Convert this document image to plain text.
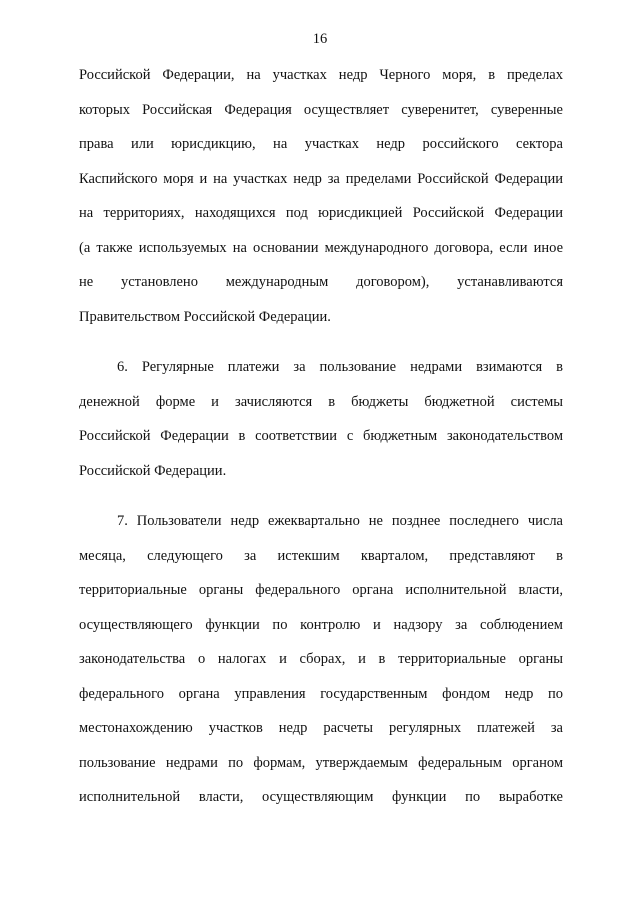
16
Российской Федерации, на участках недр Черного моря, в пределах
которых Российская Федерация осуществляет суверенитет, суверенные
права или юрисдикцию, на участках недр российского сектора
Каспийского моря и на участках недр за пределами Российской Федерации
на территориях, находящихся под юрисдикцией Российской Федерации
(а также используемых на основании международного договора, если иное
не установлено международным договором), устанавливаются
Правительством Российской Федерации.
6. Регулярные платежи за пользование недрами взимаются в
денежной форме и зачисляются в бюджеты бюджетной системы
Российской Федерации в соответствии с бюджетным законодательством
Российской Федерации.
7. Пользователи недр ежеквартально не позднее последнего числа
месяца, следующего за истекшим кварталом, представляют в
территориальные органы федерального органа исполнительной власти,
осуществляющего функции по контролю и надзору за соблюдением
законодательства о налогах и сборах, и в территориальные органы
федерального органа управления государственным фондом недр по
местонахождению участков недр расчеты регулярных платежей за
пользование недрами по формам, утверждаемым федеральным органом
исполнительной власти, осуществляющим функции по выработке
